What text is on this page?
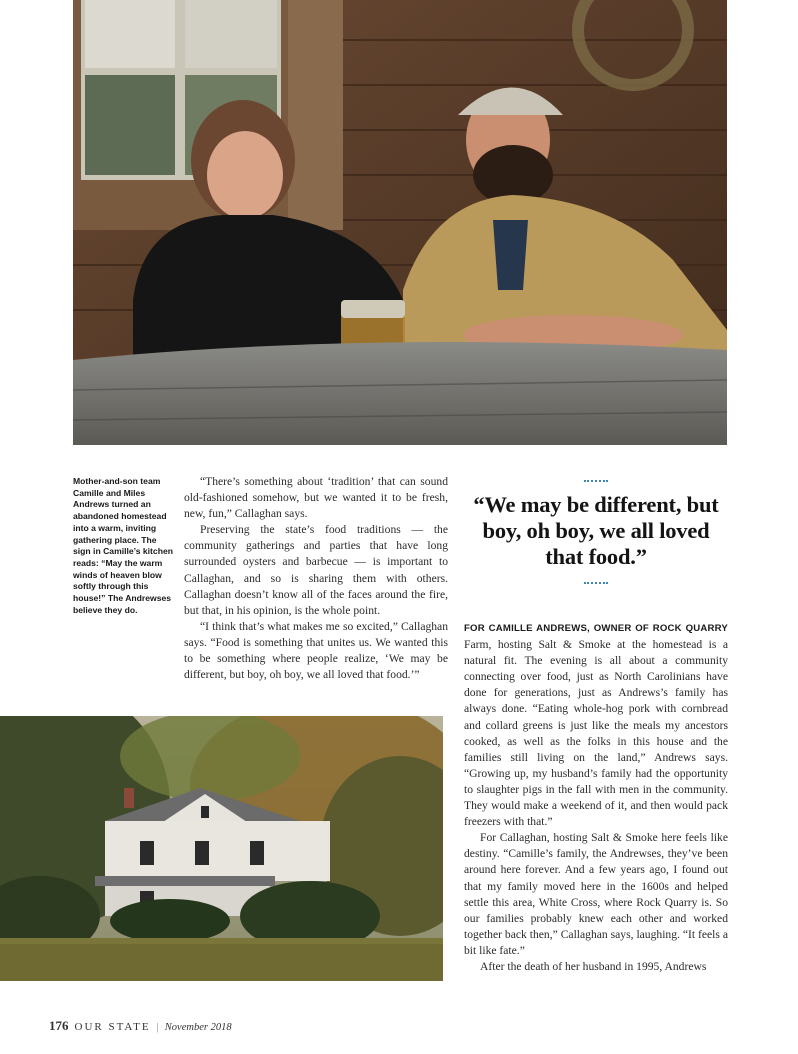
Mother-and-son team Camille and Miles Andrews turned an abandoned homestead into a warm, inviting gathering place. The sign in Camille’s kitchen reads: “May the warm winds of heaven blow softly through this house!” The Andrewses believe they do.

“There’s something about ‘tradition’ that can sound old-fashioned somehow, but we wanted it to be fresh, new, fun,” Callaghan says.

Preserving the state’s food traditions — the community gatherings and parties that have long surrounded oysters and barbecue — is important to Callaghan, and so is sharing them with others. Callaghan doesn’t know all of the faces around the fire, but that, in his opinion, is the whole point.

“I think that’s what makes me so excited,” Callaghan says. “Food is something that unites us. We wanted this to be something where people realize, ‘We may be different, but boy, oh boy, we all loved that food.’”

“We may be different, but boy, oh boy, we all loved that food.”

FOR CAMILLE ANDREWS, OWNER OF ROCK QUARRY Farm, hosting Salt & Smoke at the homestead is a natural fit. The evening is all about a community connecting over food, just as North Carolinians have done for generations, just as Andrews’s family has always done. “Eating whole-hog pork with cornbread and collard greens is just like the meals my ancestors cooked, as well as the folks in this house and the families still living on the land,” Andrews says. “Growing up, my husband’s family had the opportunity to slaughter pigs in the fall with men in the community. They would make a weekend of it, and then would pack freezers with that.”

For Callaghan, hosting Salt & Smoke here feels like destiny. “Camille’s family, the Andrewses, they’ve been around here forever. And a few years ago, I found out that my family moved here in the 1600s and helped settle this area, White Cross, where Rock Quarry is. So our families probably knew each other and worked together back then,” Callaghan says, laughing. “It feels a bit like fate.”

After the death of her husband in 1995, Andrews

176 OUR STATE | November 2018
